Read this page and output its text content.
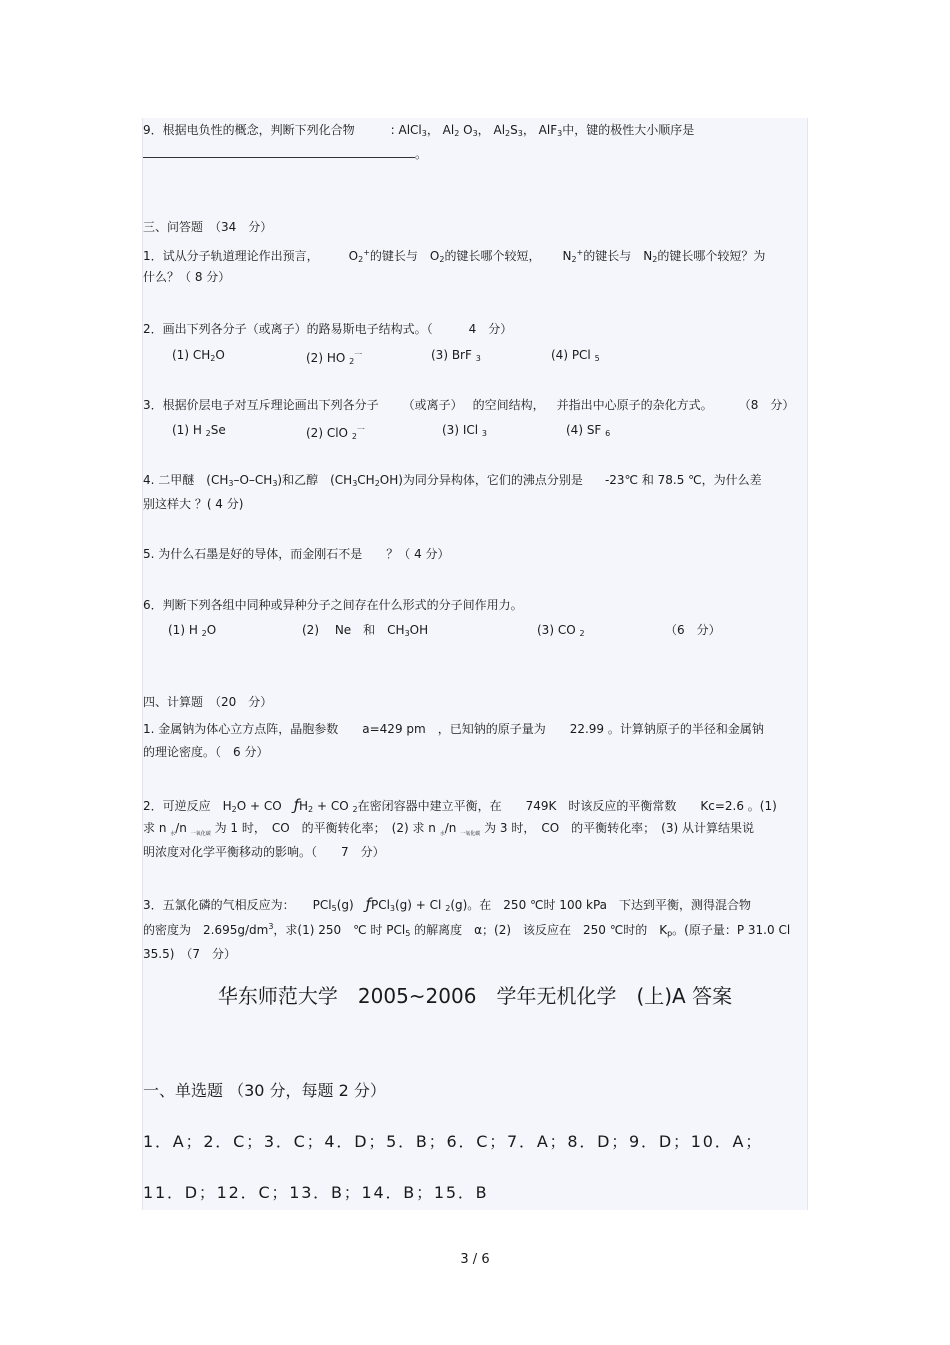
9．根据电负性的概念，判断下列化合物	: AlCl$_3$， $Al_2$ $O_3$， $Al_2S_3$， AlF$_3$中，键的极性大小顺序是
。
三、问答题　（34　分）
1．试从分子轨道理论作出预言，	$O_2^+$的键长与　$O_2$的键长哪个较短， $N_2^+$的键长与　$N_2$的键长哪个较短？为
什么？（ 8 分）
2．画出下列各分子（或离子）的路易斯电子结构式。（　　　4　分）
(1) $CH_2O$	(2) HO $_2^一$	(3) BrF $_3$	(4) PCl $_5$
3．根据价层电子对互斥理论画出下列各分子 （或离子） 的空间结构， 并指出中心原子的杂化方式。 （8　分）
(1) H $_2$Se	(2) ClO $_2^一$	(3) ICl $_3$	(4) SF $_6$
4. 二甲醚　$(CH_3-O-CH_3)$和乙醇　$(CH_3CH_2OH)$为同分异构体，它们的沸点分别是 -23℃ 和 78.5 ℃，为什么差
别这样大 ？( 4 分)
5. 为什么石墨是好的导体，而金刚石不是　　？（ 4 分）
6．判断下列各组中同种或异种分子之间存在什么形式的分子间作用力。
(1) H $_2$O	(2)　 Ne　和　$CH_3OH$	(3) CO $_2$	（6　分）
四、计算题　（20　分）
1. 金属钠为体心立方点阵，晶胞参数　　a=429 pm　，已知钠的原子量为　　22.99 。计算钠原子的半径和金属钠
的理论密度。（　6 分）
2．可逆反应　$H_2O$ + CO　$ƒH_2$ + CO $_2$在密闭容器中建立平衡，在　　749K　时该反应的平衡常数　　Kc=2.6 。(1)
求 n $_水$/n $_{一氧化碳}$ 为 1 时，　CO　的平衡转化率；　(2) 求 n $_水$/n $_{一氧化碳}$ 为 3 时，　CO　的平衡转化率；　(3) 从计算结果说
明浓度对化学平衡移动的影响。（　　7　分）
3．五氯化磷的气相反应为：　　PCl$_5$(g)　ƒPCl$_3$(g) + Cl $_2$(g)。在　250 ℃时 100 kPa　下达到平衡，测得混合物
的密度为　$2.695g/dm^3$，求(1) 250　℃ 时 PCl$_5$ 的解离度　α；(2)　该反应在　250 ℃时的　$K_p$。(原子量：P 31.0 Cl
35.5)　（7　分）
华东师范大学　2005~2006　学年无机化学　(上)A 答案
一、单选题 （30 分，每题 2 分）
1．A；2．C；3．C；4．D；5．B；6．C；7．A；8．D；9．D；10．A；
11．D；12．C；13．B；14．B；15．B
3 / 6
